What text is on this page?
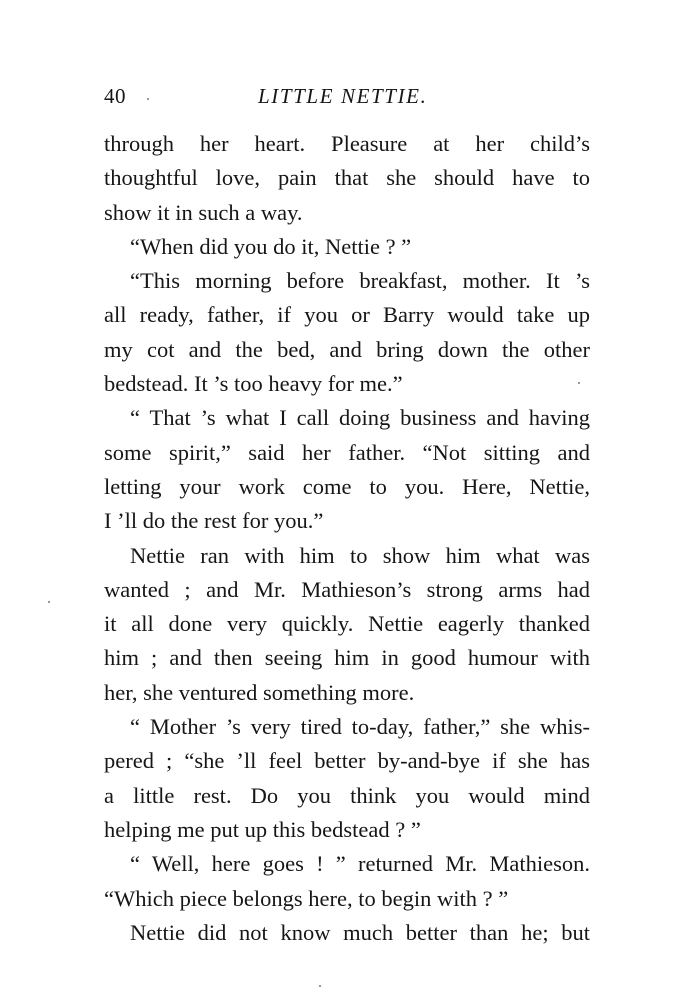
40	LITTLE NETTIE.
through her heart. Pleasure at her child’s
thoughtful love, pain that she should have to
show it in such a way.
“When did you do it, Nettie ? ”
“This morning before breakfast, mother. It ’s
all ready, father, if you or Barry would take up
my cot and the bed, and bring down the other
bedstead. It ’s too heavy for me.”
“ That ’s what I call doing business and having
some spirit,” said her father. “Not sitting and
letting your work come to you. Here, Nettie,
I ’ll do the rest for you.”
Nettie ran with him to show him what was
wanted ; and Mr. Mathieson’s strong arms had
it all done very quickly. Nettie eagerly thanked
him ; and then seeing him in good humour with
her, she ventured something more.
“ Mother ’s very tired to-day, father,” she whis-
pered ; “she ’ll feel better by-and-bye if she has
a little rest. Do you think you would mind
helping me put up this bedstead ? ”
“ Well, here goes ! ” returned Mr. Mathieson.
“Which piece belongs here, to begin with ? ”
Nettie did not know much better than he; but
